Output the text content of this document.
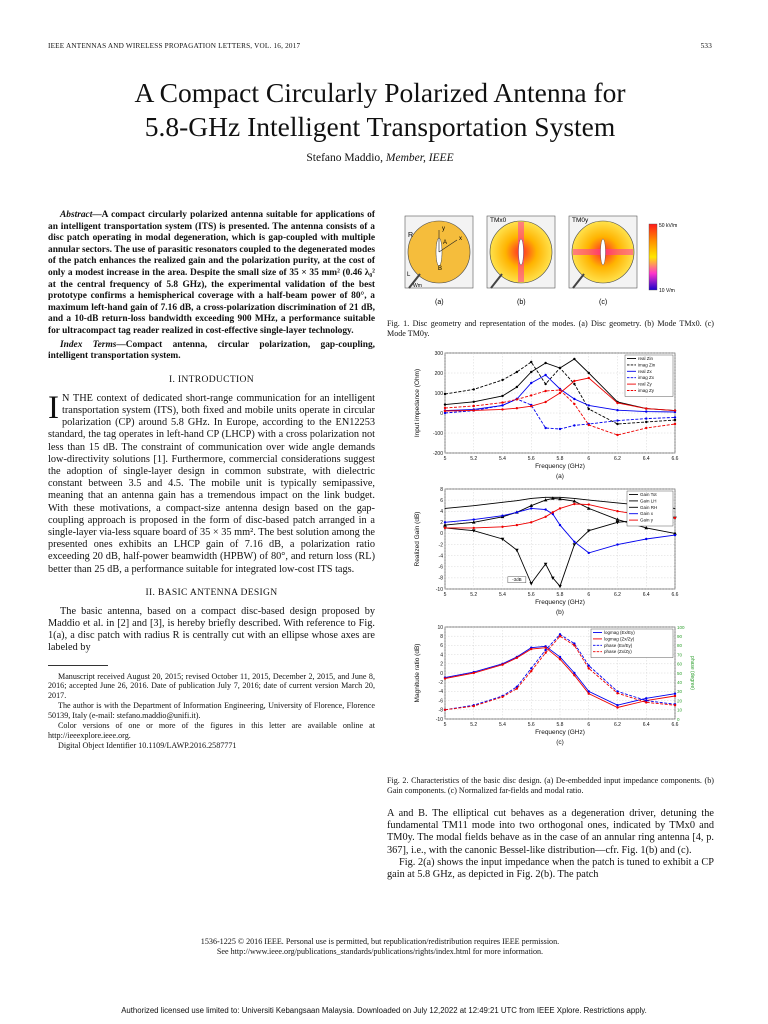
IEEE ANTENNAS AND WIRELESS PROPAGATION LETTERS, VOL. 16, 2017	533
A Compact Circularly Polarized Antenna for
5.8-GHz Intelligent Transportation System
Stefano Maddio, Member, IEEE

Abstract—A compact circularly polarized antenna suitable for applications of an intelligent transportation system (ITS) is presented. The antenna consists of a disc patch operating in modal degeneration, which is gap-coupled with multiple annular sectors. The use of parasitic resonators coupled to the degenerated modes of the patch enhances the realized gain and the polarization purity, at the cost of only a modest increase in the area. Despite the small size of 35 × 35 mm² (0.46 λ₀² at the central frequency of 5.8 GHz), the experimental validation of the best prototype confirms a hemispherical coverage with a half-beam power of 80°, a maximum left-hand gain of 7.16 dB, a cross-polarization discrimination of 21 dB, and a 10-dB return-loss bandwidth exceeding 900 MHz, a performance suitable for ultracompact tag reader realized in cost-effective single-layer technology.

Index Terms—Compact antenna, circular polarization, gap-coupling, intelligent transportation system.

I. INTRODUCTION

I N THE context of dedicated short-range communication for an intelligent transportation system (ITS), both fixed and mobile units operate in circular polarization (CP) around 5.8 GHz. In Europe, according to the EN12253 standard, the tag operates in left-hand CP (LHCP) with a cross polarization not less than 15 dB. The constraint of communication over wide angle demands low-directivity solutions [1]. Furthermore, commercial considerations suggest the adoption of single-layer design in common substrate, with dielectric constant between 3.5 and 4.5. The mobile unit is typically semipassive, meaning that an antenna gain has a tremendous impact on the link budget. With these motivations, a compact-size antenna design based on the gap-coupling approach is proposed in the form of disc-based patch arranged in a single-layer via-less square board of 35 × 35 mm². The best solution among the presented ones exhibits an LHCP gain of 7.16 dB, a polarization ratio exceeding 20 dB, half-power beamwidth (HPBW) of 80°, and return loss (RL) better than 25 dB, a performance suitable for integrated low-cost ITS tags.

II. BASIC ANTENNA DESIGN

The basic antenna, based on a compact disc-based design proposed by Maddio et al. in [2] and [3], is hereby briefly described. With reference to Fig. 1(a), a disc patch with radius R is centrally cut with an ellipse whose axes are labeled by

Manuscript received August 20, 2015; revised October 11, 2015, December 2, 2015, and June 8, 2016; accepted June 26, 2016. Date of publication July 7, 2016; date of current version March 20, 2017.

The author is with the Department of Information Engineering, University of Florence, Florence 50139, Italy (e-mail: stefano.maddio@unifi.it).

Color versions of one or more of the figures in this letter are available online at http://ieeexplore.ieee.org.

Digital Object Identifier 10.1109/LAWP.2016.2587771

R
A
B
x
y
L
Wm
(a)
TMx0
(b)
TM0y
(c)
50 kV/m
10 V/m

Fig. 1. Disc geometry and representation of the modes. (a) Disc geometry. (b) Mode TMx0. (c) Mode TM0y.

5	5.2	5.4	5.6	5.8	6	6.2	6.4	6.6
-200
-100
0
100
200
300
Frequency (GHz)
Input impedance (Ohm)
(a)
real Zin
imag Zin
real Zx
imag Zx
real Zy
imag Zy
5	5.2	5.4	5.6	5.8	6	6.2	6.4	6.6
-10
-8
-6
-4
-2
0
2
4
6
8
Frequency (GHz)
Realized Gain (dB)
(b)
Gain Tot
Gain LH
Gain RH
Gain x
Gain y
-3dB
5	5.2	5.4	5.6	5.8	6	6.2	6.4	6.6
-10
-8
-6
-4
-2
0
2
4
6
8
10
Frequency (GHz)
Magnitude ratio (dB)
(c)
0
10
20
30
40
50
60
70
80
90
100
phase (degree)
logmag (Ex/Ey)
logmag (Zx/Zy)
phase (Ex/Ey)
phase (Zx/Zy)

Fig. 2. Characteristics of the basic disc design. (a) De-embedded input impedance components. (b) Gain components. (c) Normalized far-fields and modal ratio.

A and B. The elliptical cut behaves as a degeneration driver, detuning the fundamental TM11 mode into two orthogonal ones, indicated by TMx0 and TM0y. The modal fields behave as in the case of an annular ring antenna [4, p. 367], i.e., with the canonic Bessel-like distribution—cfr. Fig. 1(b) and (c).

Fig. 2(a) shows the input impedance when the patch is tuned to exhibit a CP gain at 5.8 GHz, as depicted in Fig. 2(b). The patch

1536-1225 © 2016 IEEE. Personal use is permitted, but republication/redistribution requires IEEE permission.
See http://www.ieee.org/publications_standards/publications/rights/index.html for more information.
Authorized licensed use limited to: Universiti Kebangsaan Malaysia. Downloaded on July 12,2022 at 12:49:21 UTC from IEEE Xplore. Restrictions apply.
